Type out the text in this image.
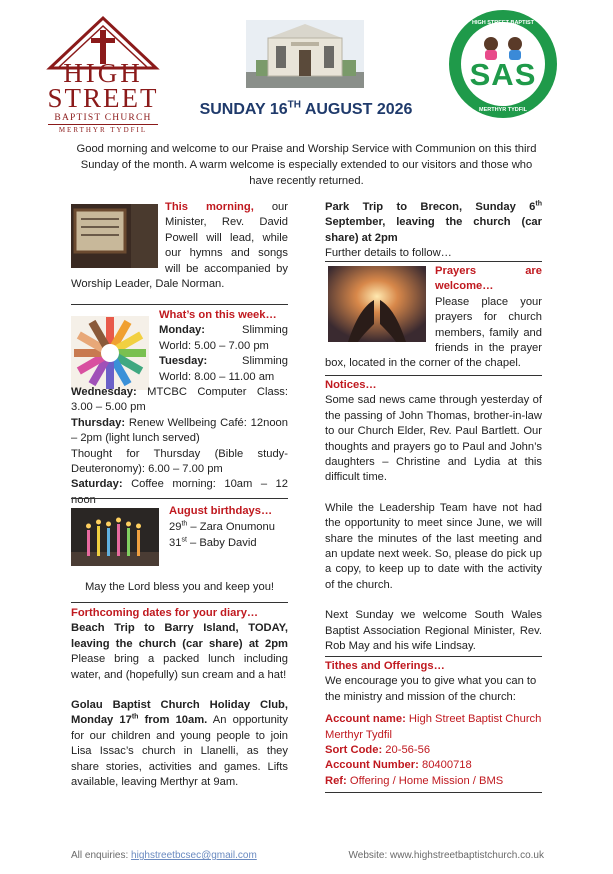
HIGH
STREET
BAPTIST CHURCH
MERTHYR TYDFIL
HIGH STREET BAPTIST CHURCH
SAS
MERTHYR TYDFIL
SUNDAY 16TH AUGUST 2026
Good morning and welcome to our Praise and Worship Service with Communion on this third Sunday of the month. A warm welcome is especially extended to our visitors and those who have recently returned.
This morning, our Minister, Rev. David Powell will lead, while our hymns and songs will be accompanied by Worship Leader, Dale Norman.

What’s on this week…

Monday: Slimming World: 5.00 – 7.00 pm

Tuesday: Slimming World: 8.00 – 11.00 am

Wednesday: MTCBC Computer Class: 3.00 – 5.00 pm

Thursday: Renew Wellbeing Café: 12noon – 2pm (light lunch served)

Thought for Thursday (Bible study- Deuteronomy): 6.00 – 7.00 pm

Saturday: Coffee morning: 10am – 12 noon

August birthdays…
29th – Zara Onumonu
31st – Baby David
May the Lord bless you and keep you!

Forthcoming dates for your diary…

Beach Trip to Barry Island, TODAY, leaving the church (car share) at 2pm Please bring a packed lunch including water, and (hopefully) sun cream and a hat!

Golau Baptist Church Holiday Club, Monday 17th from 10am. An opportunity for our children and young people to join Lisa Issac’s church in Llanelli, as they share stories, activities and games. Lifts available, leaving Merthyr at 9am.

Park Trip to Brecon, Sunday 6th September, leaving the church (car share) at 2pm

Further details to follow…

Prayers are welcome…

Please place your prayers for church members, family and friends in the prayer box, located in the corner of the chapel.

Notices…

Some sad news came through yesterday of the passing of John Thomas, brother-in-law to our Church Elder, Rev. Paul Bartlett. Our thoughts and prayers go to Paul and John’s daughters – Christine and Lydia at this difficult time.

While the Leadership Team have not had the opportunity to meet since June, we will share the minutes of the last meeting and an update next week. So, please do pick up a copy, to keep up to date with the activity of the church.

Next Sunday we welcome South Wales Baptist Association Regional Minister, Rev. Rob May and his wife Lindsay.

Tithes and Offerings…

We encourage you to give what you can to the ministry and mission of the church:

Account name: High Street Baptist Church Merthyr Tydfil

Sort Code: 20-56-56

Account Number: 80400718

Ref: Offering / Home Mission / BMS

All enquiries: highstreetbcsec@gmail.com	Website: www.highstreetbaptistchurch.co.uk
